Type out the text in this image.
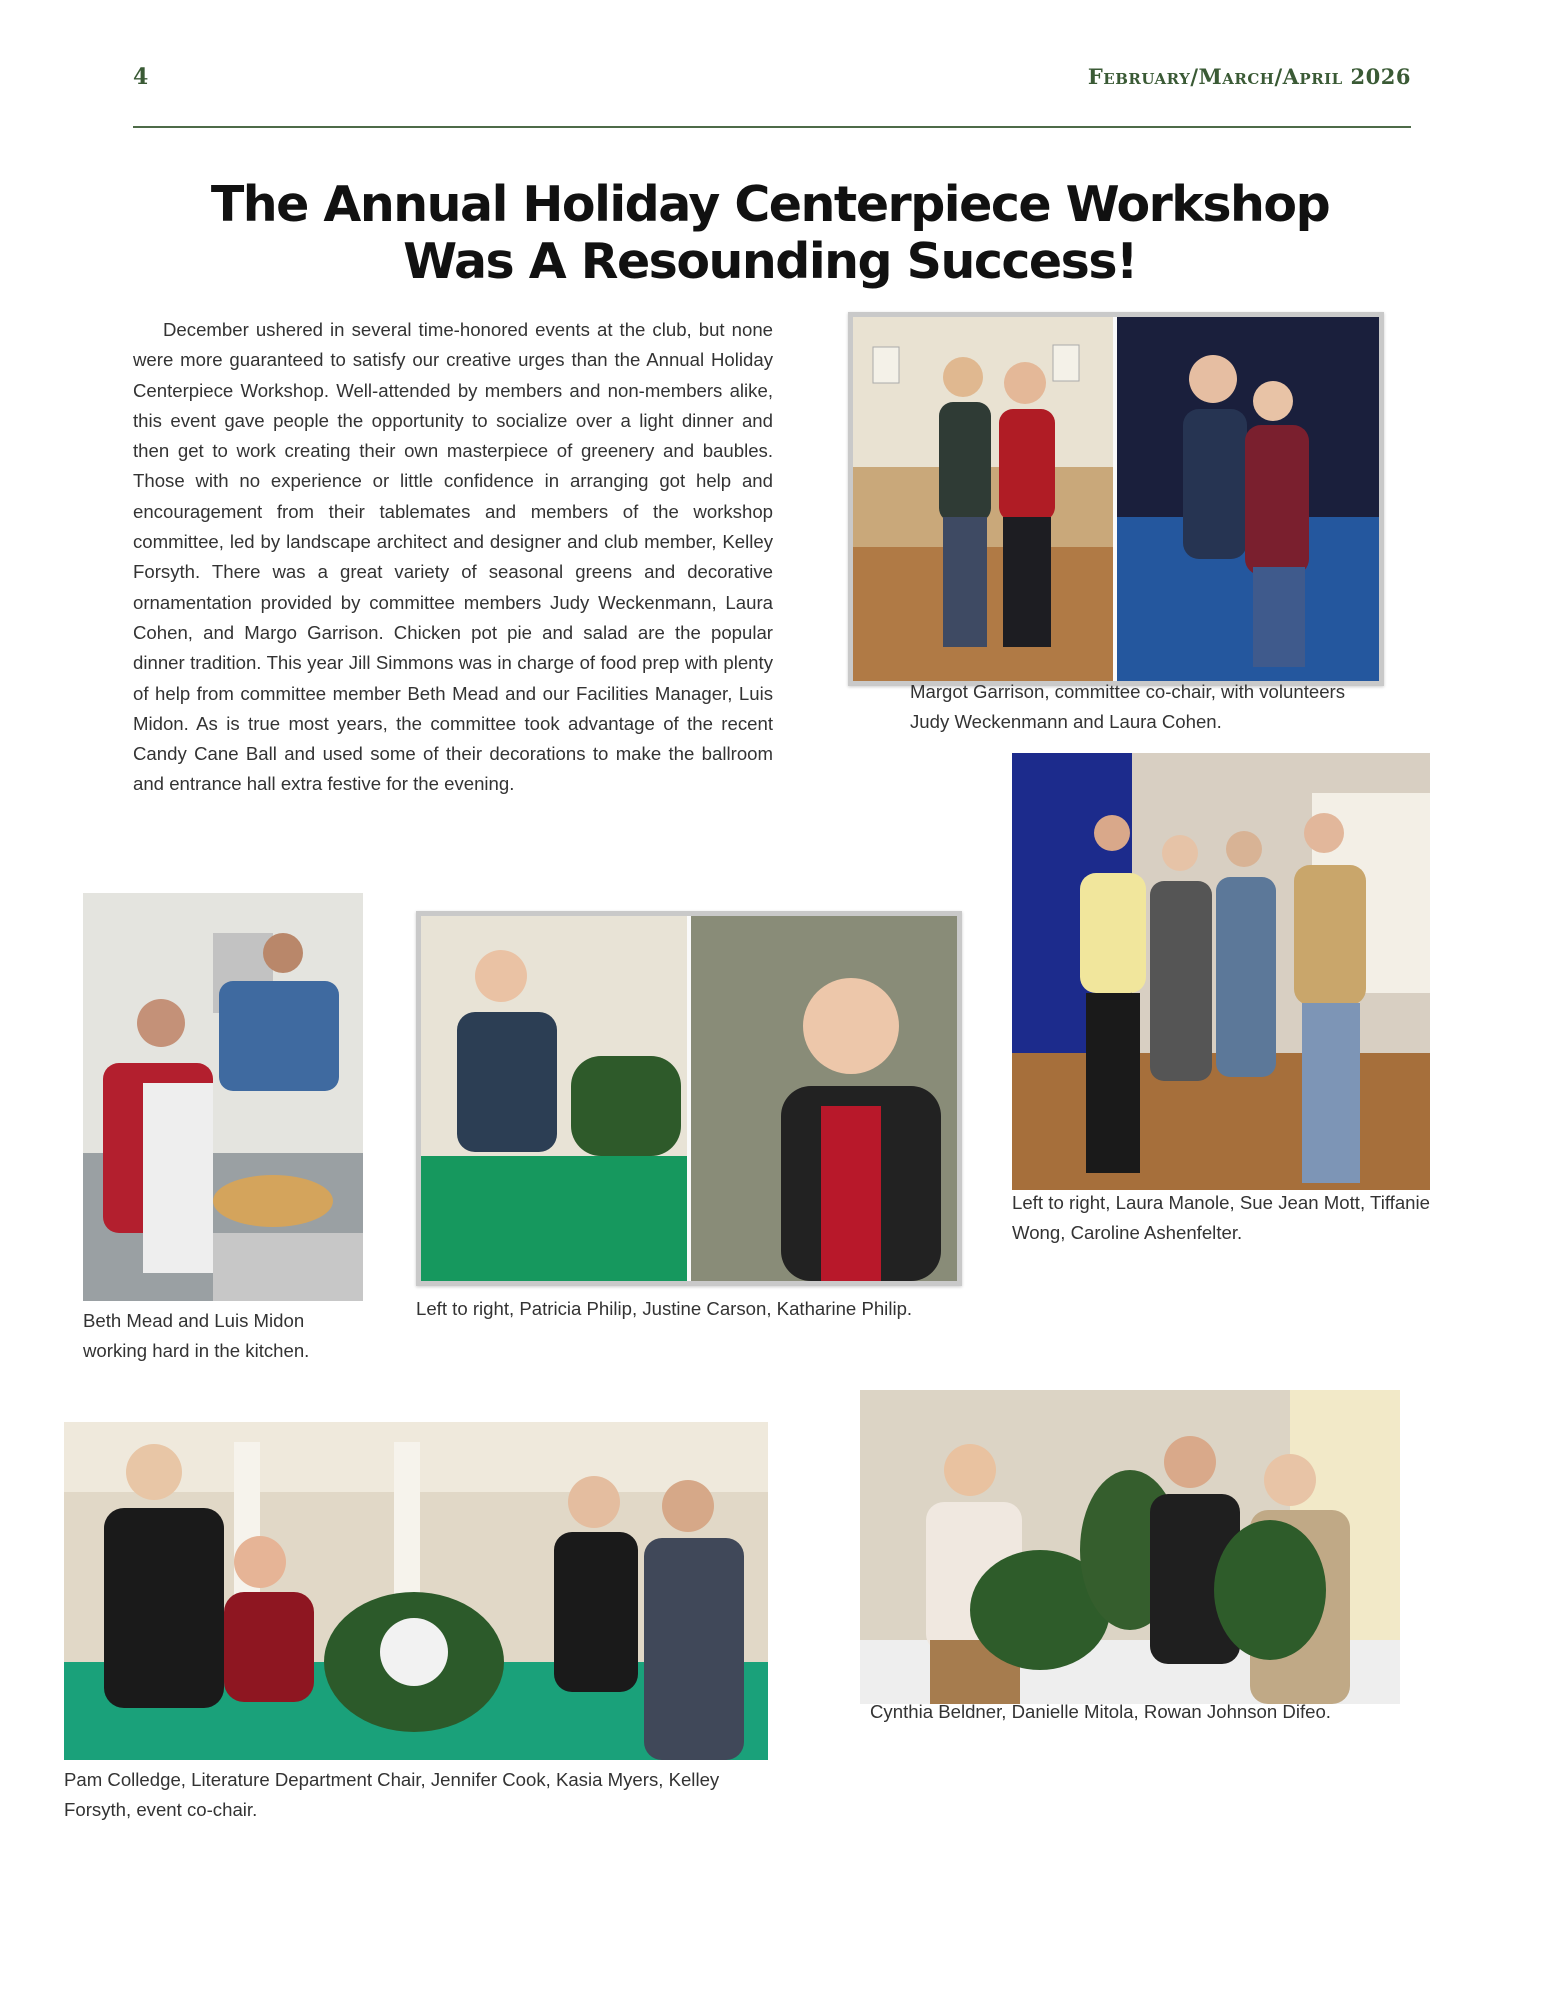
4	February/March/April 2026
The Annual Holiday Centerpiece Workshop
Was A Resounding Success!

December ushered in several time-honored events at the club, but none were more guaranteed to satisfy our creative urges than the Annual Holiday Centerpiece Workshop. Well-attended by members and non-members alike, this event gave people the opportunity to socialize over a light dinner and then get to work creating their own masterpiece of greenery and baubles. Those with no experience or little confidence in arranging got help and encouragement from their tablemates and members of the workshop committee, led by landscape architect and designer and club member, Kelley Forsyth. There was a great variety of seasonal greens and decorative ornamentation provided by committee members Judy Weckenmann, Laura Cohen, and Margo Garrison. Chicken pot pie and salad are the popular dinner tradition. This year Jill Simmons was in charge of food prep with plenty of help from committee member Beth Mead and our Facilities Manager, Luis Midon. As is true most years, the committee took advantage of the recent Candy Cane Ball and used some of their decorations to make the ballroom and entrance hall extra festive for the evening.

Margot Garrison, committee co-chair, with volunteers Judy Weckenmann and Laura Cohen.

Left to right, Laura Manole, Sue Jean Mott, Tiffanie Wong, Caroline Ashenfelter.

Beth Mead and Luis Midon working hard in the kitchen.

Left to right, Patricia Philip, Justine Carson, Katharine Philip.

Pam Colledge, Literature Department Chair, Jennifer Cook, Kasia Myers, Kelley Forsyth, event co-chair.

Cynthia Beldner, Danielle Mitola, Rowan Johnson Difeo.
